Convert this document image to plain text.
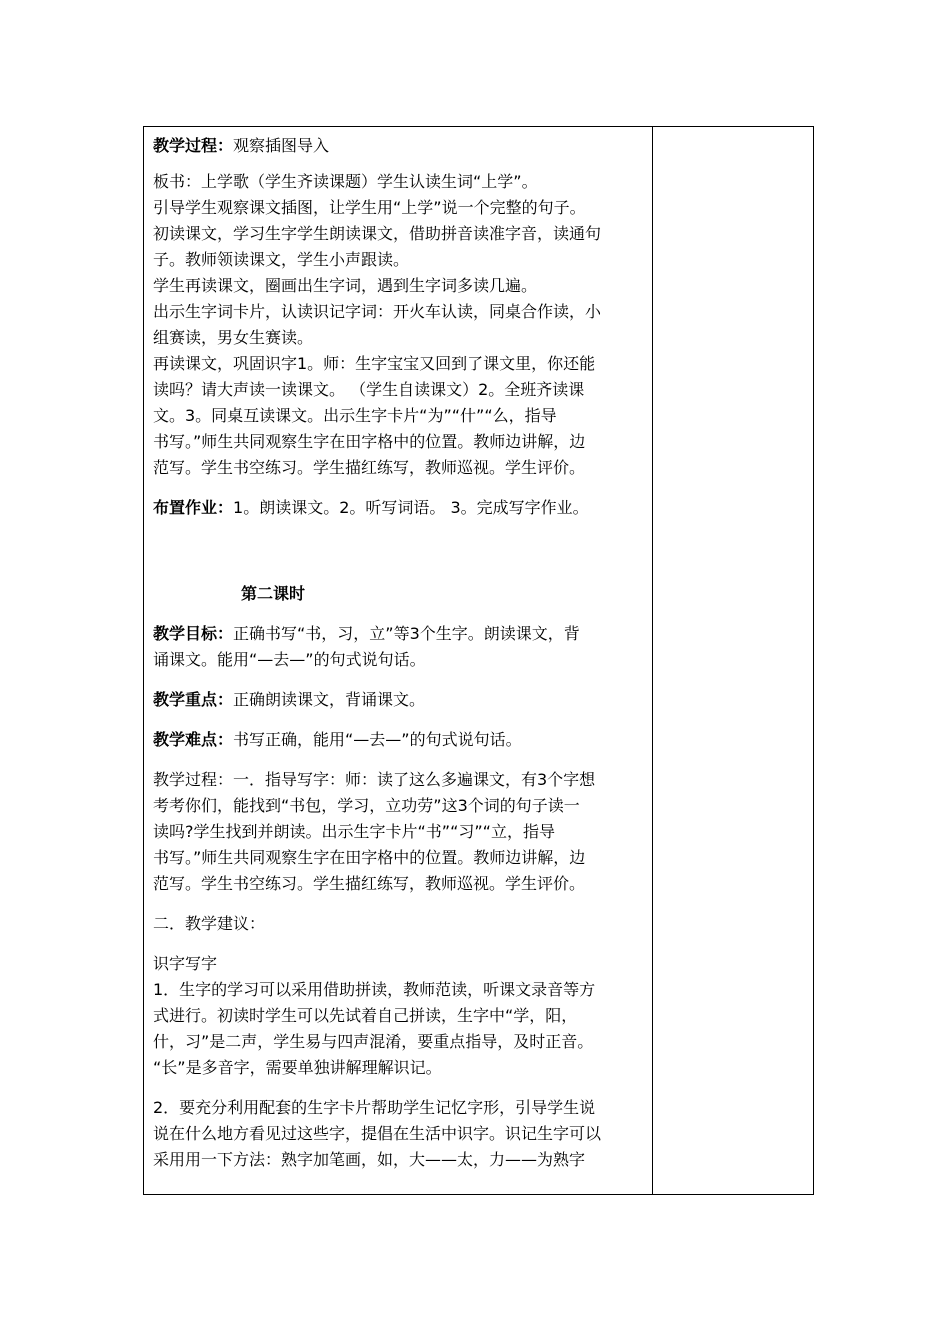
教学过程：观察插图导入
板书：上学歌（学生齐读课题）学生认读生词“上学”。
引导学生观察课文插图，让学生用“上学”说一个完整的句子。
初读课文，学习生字学生朗读课文，借助拼音读准字音，读通句
子。教师领读课文，学生小声跟读。
学生再读课文，圈画出生字词，遇到生字词多读几遍。
出示生字词卡片，认读识记字词：开火车认读，同桌合作读，小
组赛读，男女生赛读。
再读课文，巩固识字1。师：生字宝宝又回到了课文里，你还能
读吗？请大声读一读课文。 （学生自读课文）2。全班齐读课
文。3。同桌互读课文。出示生字卡片“为”“什”“么，指导
书写。”师生共同观察生字在田字格中的位置。教师边讲解，边
范写。学生书空练习。学生描红练写，教师巡视。学生评价。
布置作业：1。朗读课文。2。听写词语。 3。完成写字作业。
第二课时
教学目标：正确书写“书，习，立”等3个生字。朗读课文，背
诵课文。能用“—去—”的句式说句话。
教学重点：正确朗读课文，背诵课文。
教学难点：书写正确，能用“—去—”的句式说句话。
教学过程：一．指导写字：师：读了这么多遍课文，有3个字想
考考你们，能找到“书包，学习，立功劳”这3个词的句子读一
读吗?学生找到并朗读。出示生字卡片“书”“习”“立，指导
书写。”师生共同观察生字在田字格中的位置。教师边讲解，边
范写。学生书空练习。学生描红练写，教师巡视。学生评价。
二．教学建议：
识字写字
1．生字的学习可以采用借助拼读，教师范读，听课文录音等方
式进行。初读时学生可以先试着自己拼读，生字中“学，阳，
什，习”是二声，学生易与四声混淆，要重点指导，及时正音。
“长”是多音字，需要单独讲解理解识记。
2．要充分利用配套的生字卡片帮助学生记忆字形，引导学生说
说在什么地方看见过这些字，提倡在生活中识字。识记生字可以
采用用一下方法：熟字加笔画，如，大——太，力——为熟字
